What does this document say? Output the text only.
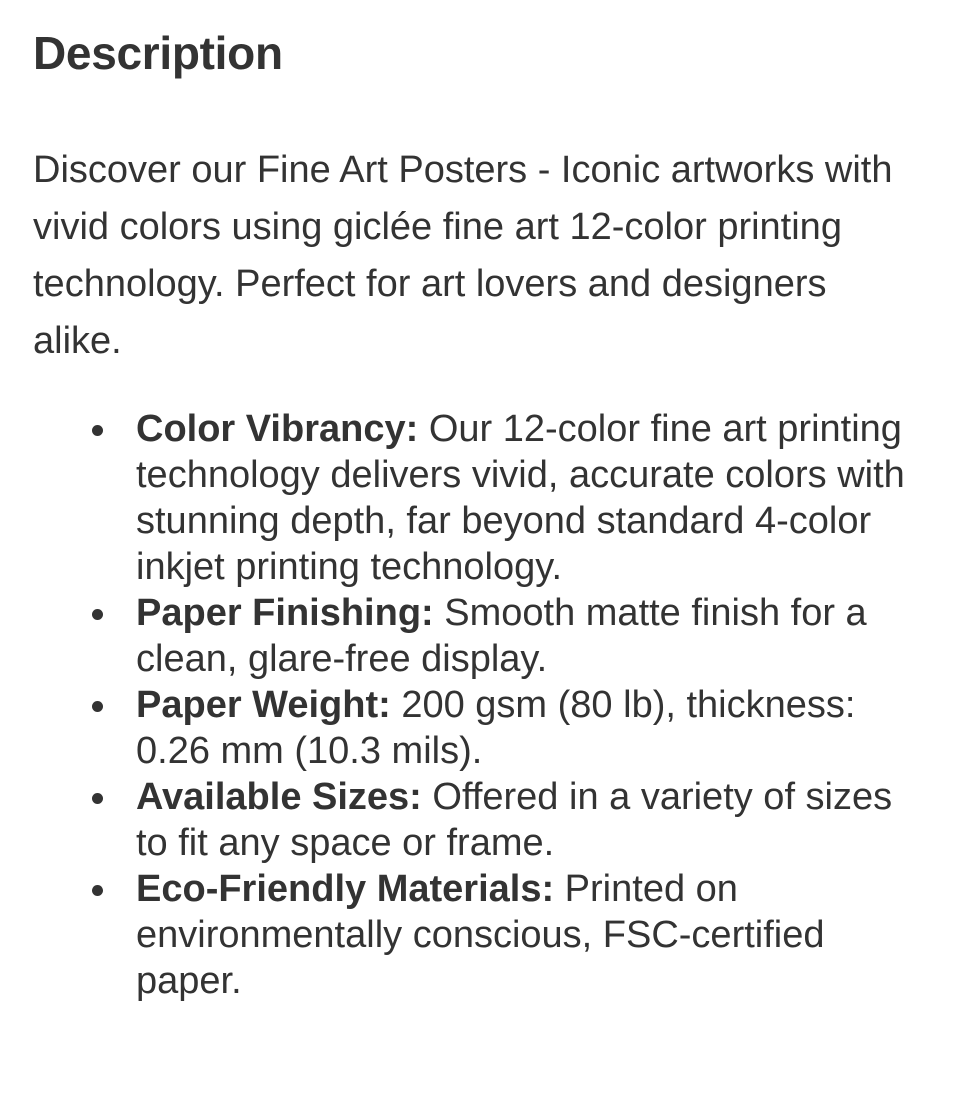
Description

Discover our Fine Art Posters - Iconic artworks with vivid colors using giclée fine art 12-color printing technology. Perfect for art lovers and designers alike.

Color Vibrancy: Our 12-color fine art printing technology delivers vivid, accurate colors with stunning depth, far beyond standard 4-color inkjet printing technology.
Paper Finishing: Smooth matte finish for a clean, glare-free display.
Paper Weight: 200 gsm (80 lb), thickness: 0.26 mm (10.3 mils).
Available Sizes: Offered in a variety of sizes to fit any space or frame.
Eco-Friendly Materials: Printed on environmentally conscious, FSC-certified paper.
